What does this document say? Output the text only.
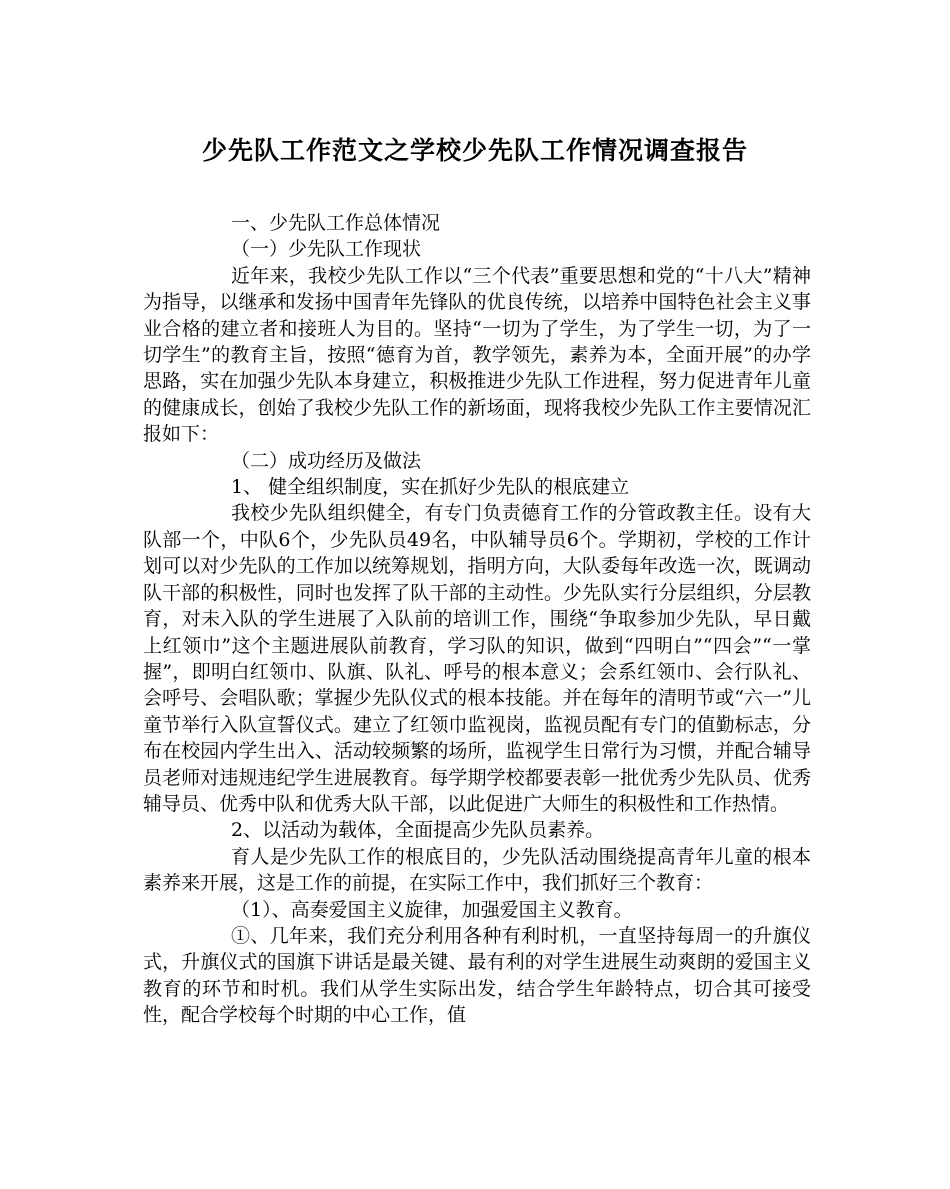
少先队工作范文之学校少先队工作情况调查报告

一、少先队工作总体情况

（一）少先队工作现状

近年来，我校少先队工作以“三个代表”重要思想和党的“十八大”精神为指导，以继承和发扬中国青年先锋队的优良传统，以培养中国特色社会主义事业合格的建立者和接班人为目的。坚持“一切为了学生，为了学生一切，为了一切学生”的教育主旨，按照“德育为首，教学领先，素养为本，全面开展”的办学思路，实在加强少先队本身建立，积极推进少先队工作进程，努力促进青年儿童的健康成长，创始了我校少先队工作的新场面，现将我校少先队工作主要情况汇报如下：

（二）成功经历及做法

1、 健全组织制度，实在抓好少先队的根底建立

我校少先队组织健全，有专门负责德育工作的分管政教主任。设有大队部一个，中队6个，少先队员49名，中队辅导员6个。学期初，学校的工作计划可以对少先队的工作加以统筹规划，指明方向，大队委每年改选一次，既调动队干部的积极性，同时也发挥了队干部的主动性。少先队实行分层组织，分层教育，对未入队的学生进展了入队前的培训工作，围绕“争取参加少先队，早日戴上红领巾”这个主题进展队前教育，学习队的知识，做到“四明白”“四会”“一掌握”，即明白红领巾、队旗、队礼、呼号的根本意义；会系红领巾、会行队礼、会呼号、会唱队歌；掌握少先队仪式的根本技能。并在每年的清明节或“六一”儿童节举行入队宣誓仪式。建立了红领巾监视岗，监视员配有专门的值勤标志，分布在校园内学生出入、活动较频繁的场所，监视学生日常行为习惯，并配合辅导员老师对违规违纪学生进展教育。每学期学校都要表彰一批优秀少先队员、优秀辅导员、优秀中队和优秀大队干部，以此促进广大师生的积极性和工作热情。

2、以活动为载体，全面提高少先队员素养。

育人是少先队工作的根底目的，少先队活动围绕提高青年儿童的根本素养来开展，这是工作的前提，在实际工作中，我们抓好三个教育：

（1）、高奏爱国主义旋律，加强爱国主义教育。

①、几年来，我们充分利用各种有利时机，一直坚持每周一的升旗仪式，升旗仪式的国旗下讲话是最关键、最有利的对学生进展生动爽朗的爱国主义教育的环节和时机。我们从学生实际出发，结合学生年龄特点，切合其可接受性，配合学校每个时期的中心工作，值
